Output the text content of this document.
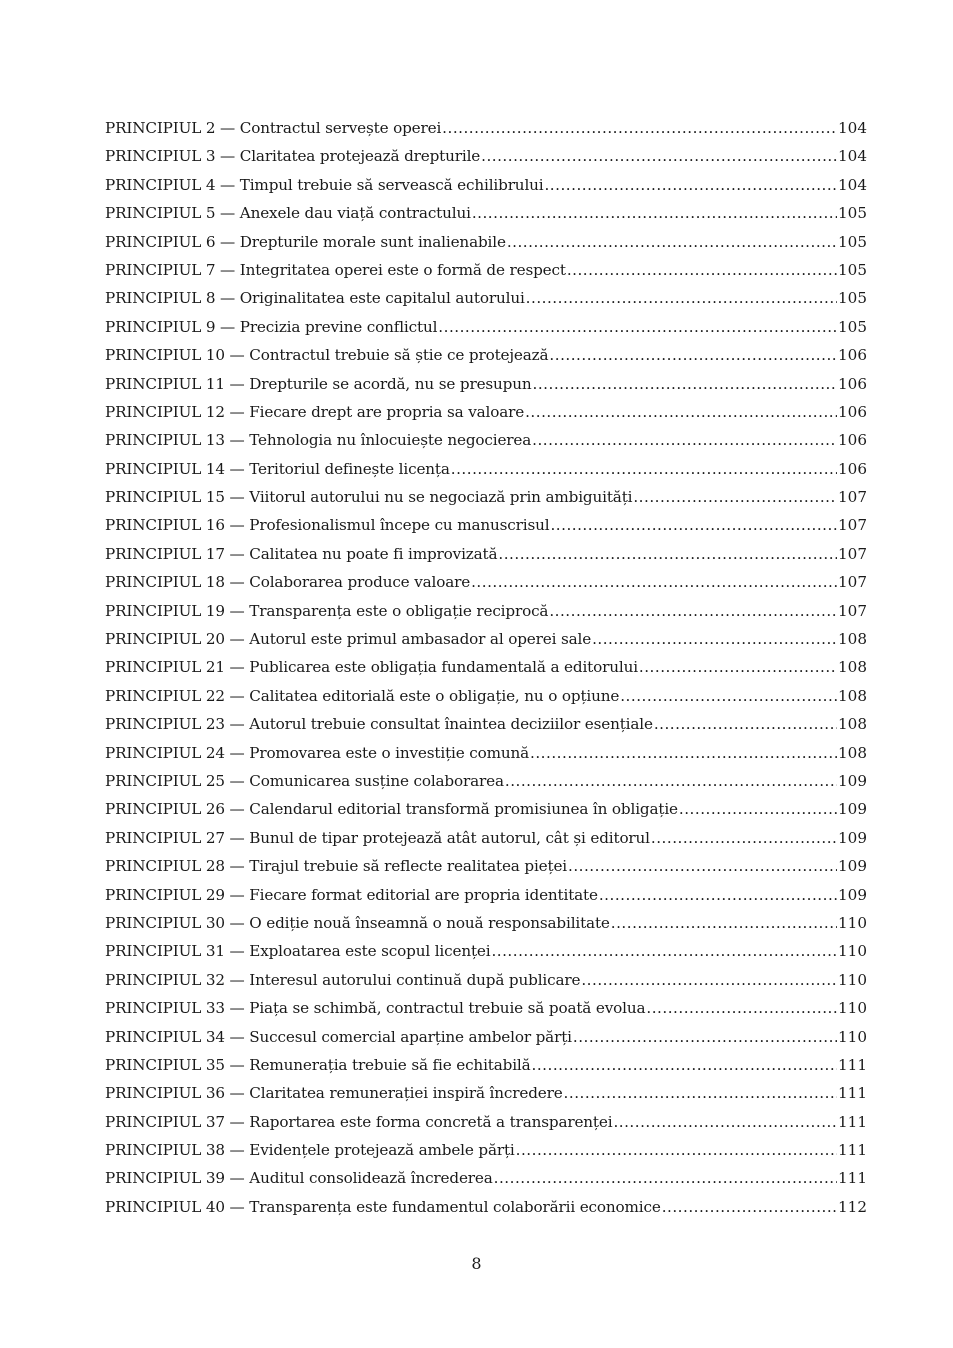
PRINCIPIUL 2 — Contractul servește operei .....	104
PRINCIPIUL 3 — Claritatea protejează drepturile .....	104
PRINCIPIUL 4 — Timpul trebuie să servească echilibrului .....	104
PRINCIPIUL 5 — Anexele dau viață contractului .....	105
PRINCIPIUL 6 — Drepturile morale sunt inalienabile .....	105
PRINCIPIUL 7 — Integritatea operei este o formă de respect .....	105
PRINCIPIUL 8 — Originalitatea este capitalul autorului .....	105
PRINCIPIUL 9 — Precizia previne conflictul .....	105
PRINCIPIUL 10 — Contractul trebuie să știe ce protejează .....	106
PRINCIPIUL 11 — Drepturile se acordă, nu se presupun .....	106
PRINCIPIUL 12 — Fiecare drept are propria sa valoare .....	106
PRINCIPIUL 13 — Tehnologia nu înlocuiește negocierea .....	106
PRINCIPIUL 14 — Teritoriul definește licența .....	106
PRINCIPIUL 15 — Viitorul autorului nu se negociază prin ambiguități .....	107
PRINCIPIUL 16 — Profesionalismul începe cu manuscrisul .....	107
PRINCIPIUL 17 — Calitatea nu poate fi improvizată .....	107
PRINCIPIUL 18 — Colaborarea produce valoare .....	107
PRINCIPIUL 19 — Transparența este o obligație reciprocă .....	107
PRINCIPIUL 20 — Autorul este primul ambasador al operei sale .....	108
PRINCIPIUL 21 — Publicarea este obligația fundamentală a editorului .....	108
PRINCIPIUL 22 — Calitatea editorială este o obligație, nu o opțiune .....	108
PRINCIPIUL 23 — Autorul trebuie consultat înaintea deciziilor esențiale .....	108
PRINCIPIUL 24 — Promovarea este o investiție comună .....	108
PRINCIPIUL 25 — Comunicarea susține colaborarea .....	109
PRINCIPIUL 26 — Calendarul editorial transformă promisiunea în obligație .....	109
PRINCIPIUL 27 — Bunul de tipar protejează atât autorul, cât și editorul .....	109
PRINCIPIUL 28 — Tirajul trebuie să reflecte realitatea pieței .....	109
PRINCIPIUL 29 — Fiecare format editorial are propria identitate .....	109
PRINCIPIUL 30 — O ediție nouă înseamnă o nouă responsabilitate .....	110
PRINCIPIUL 31 — Exploatarea este scopul licenței .....	110
PRINCIPIUL 32 — Interesul autorului continuă după publicare .....	110
PRINCIPIUL 33 — Piața se schimbă, contractul trebuie să poată evolua .....	110
PRINCIPIUL 34 — Succesul comercial aparține ambelor părți .....	110
PRINCIPIUL 35 — Remunerația trebuie să fie echitabilă .....	111
PRINCIPIUL 36 — Claritatea remunerației inspiră încredere .....	111
PRINCIPIUL 37 — Raportarea este forma concretă a transparenței .....	111
PRINCIPIUL 38 — Evidențele protejează ambele părți .....	111
PRINCIPIUL 39 — Auditul consolidează încrederea .....	111
PRINCIPIUL 40 — Transparența este fundamentul colaborării economice .....	112
8
